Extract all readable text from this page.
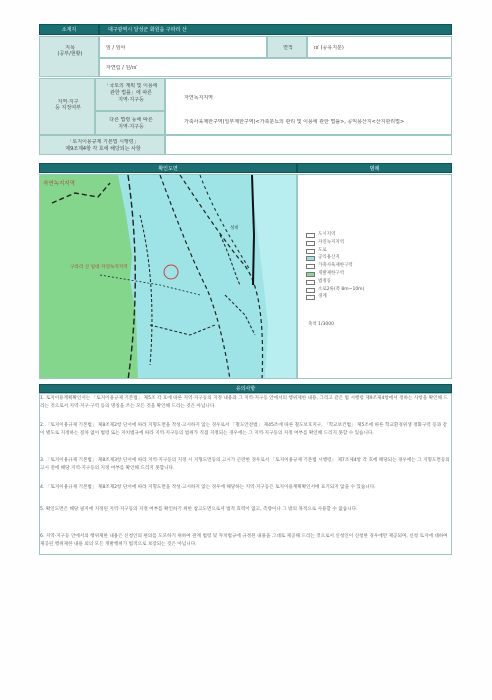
소재지	대구광역시 달성군 화원읍 구라리 산
지목
(공부/현황)
임 / 임야	면적	㎡ (공유지분)
자연림 / 원/㎡
지역·지구
등 지정여부
「국토의 계획 및 이용에
관한 법률」에 따른
지역·지구등
다른 법령 등에 따른
지역·지구등
자연녹지지역
가축사육제한구역(일부제한구역)<가축분뇨의 관리 및 이용에 관한 법률>, 공익용산지<산지관리법>
「토지이용규제 기본법 시행령」
제9조제4항 각 호에 해당되는 사항
확인도면	범례
자연녹지지역
구라리 산 일대 자연녹지지역
성비
도시지역
자연녹지지역
도로
공익용산지
가축사육제한구역
개발제한구역
법정동
소로2류(폭 8m~10m)
경계
축척 1/3000
유의사항
1. 토지이용계획확인서는 「토지이용규제 기본법」 제5조 각 호에 따른 지역·지구등의 지정 내용과 그 지역·지구등 안에서의 행위제한 내용, 그리고 같은 법 시행령 제9조제4항에서 정하는 사항을 확인해 드리는 것으로서 지역·지구·구역 등의 명칭을 쓰는 모든 것을 확인해 드리는 것은 아닙니다.
2. 「토지이용규제 기본법」 제8조제2항 단서에 따라 지형도면을 작성·고시하지 않는 경우로서 「철도안전법」 제45조에 따른 철도보호지구, 「학교보건법」 제5조에 따른 학교환경위생 정화구역 등과 같이 별도로 지정하는 절차 없이 법령 또는 자치법규에 따라 지역·지구등의 범위가 직접 지정되는 경우에는 그 지역·지구등의 지정 여부를 확인해 드리지 못할 수 있습니다.
3. 「토지이용규제 기본법」 제8조제3항 단서에 따라 지역·지구등의 지정 시 지형도면등의 고시가 곤란한 경우로서 「토지이용규제 기본법 시행령」 제7조제4항 각 호에 해당되는 경우에는 그 지형도면등의 고시 전에 해당 지역·지구등의 지정 여부를 확인해 드리지 못합니다.
4. 「토지이용규제 기본법」 제8조제2항 단서에 따라 지형도면을 작성·고시하지 않는 경우에 해당하는 지역·지구등은 토지이용계획확인서에 표기되지 않을 수 있습니다.
5. 확인도면은 해당 필지에 지정된 지역·지구등의 지정 여부를 확인하기 위한 참고도면으로서 법적 효력이 없고, 측량이나 그 밖의 목적으로 사용할 수 없습니다.
6. 지역·지구등 안에서의 행위제한 내용은 신청인의 편의를 도모하기 위하여 관계 법령 및 자치법규에 규정된 내용을 그대로 제공해 드리는 것으로서 신청인이 신청한 경우에만 제공되며, 신청 토지에 대하여 제공된 행위제한 내용 외의 모든 개발행위가 법적으로 보장되는 것은 아닙니다.
